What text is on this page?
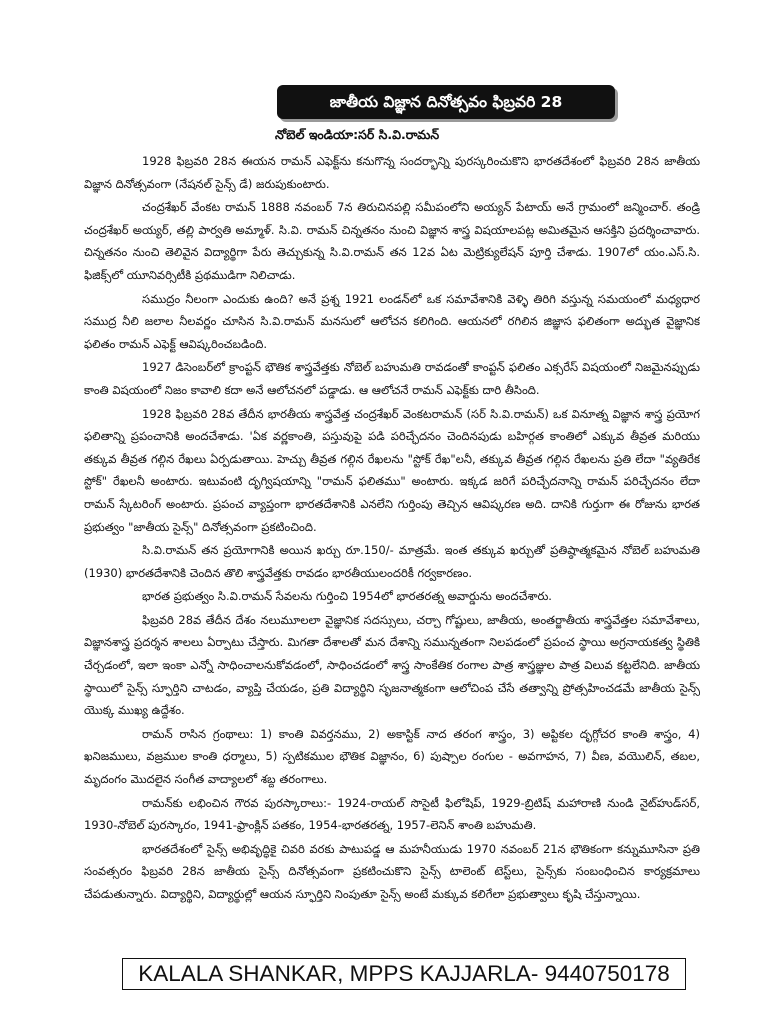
జాతీయ విజ్ఞాన దినోత్సవం ఫిబ్రవరి 28
నోబెల్ ఇండియా:సర్ సి.వి.రామన్

1928 ఫిబ్రవరి 28న ఈయన రామన్ ఎఫెక్ట్‌ను కనుగొన్న సందర్భాన్ని పురస్కరించుకొని భారతదేశంలో ఫిబ్రవరి 28న జాతీయ విజ్ఞాన దినోత్సవంగా (నేషనల్ సైన్స్ డే) జరుపుకుంటారు.

చంద్రశేఖర్ వేంకట రామన్ 1888 నవంబర్ 7న తిరుచినపల్లి సమీపంలోని అయ్యన్ పేటాయ్ అనే గ్రామంలో జన్మించార్. తండ్రి చంద్రశేఖర్ అయ్యర్, తల్లి పార్వతి అమ్మాళ్. సి.వి. రామన్ చిన్నతనం నుంచి విజ్ఞాన శాస్త్ర విషయాలపట్ల అమితమైన ఆసక్తిని ప్రదర్శించావారు. చిన్నతనం నుంచి తెలివైన విద్యార్థిగా పేరు తెచ్చుకున్న సి.వి.రామన్ తన 12వ ఏట మెట్రిక్యులేషన్ పూర్తి చేశాడు. 1907లో యం.ఎస్.సి. ఫిజిక్స్‌లో యూనివర్సిటీకి ప్రథముడిగా నిలిచాడు.

సముద్రం నీలంగా ఎందుకు ఉంది? అనే ప్రశ్న 1921 లండన్‌లో ఒక సమావేశానికి వెళ్ళి తిరిగి వస్తున్న సమయంలో మధ్యధార సముద్ర నీలి జలాల నీలవర్ణం చూసిన సి.వి.రామన్ మనసులో ఆలోచన కలిగింది. ఆయనలో రగిలిన జిజ్ఞాస ఫలితంగా అద్భుత వైజ్ఞానిక ఫలితం రామన్ ఎఫెక్ట్ ఆవిష్కరించబడింది.

1927 డిసెంబర్‌లో క్రాంప్టన్ భౌతిక శాస్త్రవేత్తకు నోబెల్ బహుమతి రావడంతో కాంప్టన్ ఫలితం ఎక్సరేస్ విషయంలో నిజమైనప్పుడు కాంతి విషయంలో నిజం కావాలి కదా అనే ఆలోచనలో పడ్డాడు. ఆ ఆలోచనే రామన్ ఎఫెక్ట్‌కు దారి తీసింది.

1928 ఫిబ్రవరి 28వ తేదీన భారతీయ శాస్త్రవేత్త చంద్రశేఖర్ వెంకటరామన్ (సర్ సి.వి.రామన్) ఒక వినూత్న విజ్ఞాన శాస్త్ర ప్రయోగ ఫలితాన్ని ప్రపంచానికి అందచేశాడు. 'ఏక వర్ణకాంతి, పస్తువుపై పడి పరిచ్ఛేదనం చెందినపుడు బహిర్గత కాంతిలో ఎక్కువ తీవ్రత మరియు తక్కువ తీవ్రత గల్గిన రేఖలు ఏర్పడుతాయి. హెచ్చు తీవ్రత గల్గిన రేఖలను "స్టోక్ రేఖ"లనీ, తక్కువ తీవ్రత గల్గిన రేఖలను ప్రతి లేదా "వ్యతిరేక స్టోక్" రేఖలనీ అంటారు. ఇటువంటి దృగ్విషయాన్ని "రామన్ ఫలితము" అంటారు. ఇక్కడ జరిగే పరిచ్ఛేదనాన్ని రామన్ పరిచ్ఛేదనం లేదా రామన్ స్కేటరింగ్ అంటారు. ప్రపంచ వ్యాప్తంగా భారతదేశానికి ఎనలేని గుర్తింపు తెచ్చిన ఆవిష్కరణ అది. దానికి గుర్తుగా ఈ రోజును భారత ప్రభుత్వం "జాతీయ సైన్స్" దినోత్సవంగా ప్రకటించింది.

సి.వి.రామన్ తన ప్రయోగానికి అయిన ఖర్చు రూ.150/- మాత్రమే. ఇంత తక్కువ ఖర్చుతో ప్రతిష్ఠాత్మకమైన నోబెల్ బహుమతి (1930) భారతదేశానికి చెందిన తొలి శాస్త్రవేత్తకు రావడం భారతీయులందరికీ గర్వకారణం.

భారత ప్రభుత్వం సి.వి.రామన్ సేవలను గుర్తించి 1954లో భారతరత్న అవార్డును అందచేశారు.

ఫిబ్రవరి 28వ తేదీన దేశం నలుమూలలా వైజ్ఞానిక సదస్సులు, చర్చా గోష్టులు, జాతీయ, అంతర్జాతీయ శాస్త్రవేత్తల సమావేశాలు, విజ్ఞానశాస్త్ర ప్రదర్శన శాలలు ఏర్పాటు చేస్తారు. మిగతా దేశాలతో మన దేశాన్ని సమున్నతంగా నిలపడంలో ప్రపంచ స్థాయి అగ్రనాయకత్వ స్థితికి చేర్చడంలో, ఇలా ఇంకా ఎన్నో సాధించాలనుకోవడంలో, సాధించడంలో శాస్త్ర సాంకేతిక రంగాల పాత్ర శాస్త్రజ్ఞుల పాత్ర విలువ కట్టలేనిది. జాతీయ స్థాయిలో సైన్స్ స్ఫూర్తిని చాటడం, వ్యాప్తి చేయడం, ప్రతి విద్యార్థిని సృజనాత్మకంగా ఆలోచింప చేసే తత్వాన్ని ప్రోత్సహించడమే జాతీయ సైన్స్ యొక్క ముఖ్య ఉద్దేశం.

రామన్ రాసిన గ్రంథాలు: 1) కాంతి వివర్తనము, 2) అకాస్టిక్ నాద తరంగ శాస్త్రం, 3) అప్టికల దృగ్గోచర కాంతి శాస్త్రం, 4) ఖనిజములు, వజ్రముల కాంతి ధర్మాలు, 5) స్పటికముల భౌతిక విజ్ఞానం, 6) పుష్పాల రంగుల - అవగాహన, 7) వీణ, వయొలిన్, తబల, మృదంగం మొదలైన సంగీత వాద్యాలలో శబ్ద తరంగాలు.

రామన్‌కు లభించిన గౌరవ పురస్కారాలు:- 1924-రాయల్ సొసైటీ ఫిలోషిప్, 1929-బ్రిటిష్ మహారాణి నుండి నైట్‌హుడ్‌సర్, 1930-నోబెల్ పురస్కారం, 1941-ఫ్రాంక్లిన్ పతకం, 1954-భారతరత్న, 1957-లెనిన్ శాంతి బహుమతి.

భారతదేశంలో సైన్స్ అభివృద్ధికై చివరి వరకు పాటుపడ్డ ఆ మహనీయుడు 1970 నవంబర్ 21న భౌతికంగా కన్నుమూసినా ప్రతి సంవత్సరం ఫిబ్రవరి 28న జాతీయ సైన్స్ దినోత్సవంగా ప్రకటించుకొని సైన్స్ టాలెంట్ టెస్ట్‌లు, సైన్స్‌కు సంబంధించిన కార్యక్రమాలు చేపడుతున్నారు. విద్యార్థిని, విద్యార్థుల్లో ఆయన స్ఫూర్తిని నింపుతూ సైన్స్ అంటే మక్కువ కలిగేలా ప్రభుత్వాలు కృషి చేస్తున్నాయి.

KALALA SHANKAR, MPPS KAJJARLA- 9440750178
